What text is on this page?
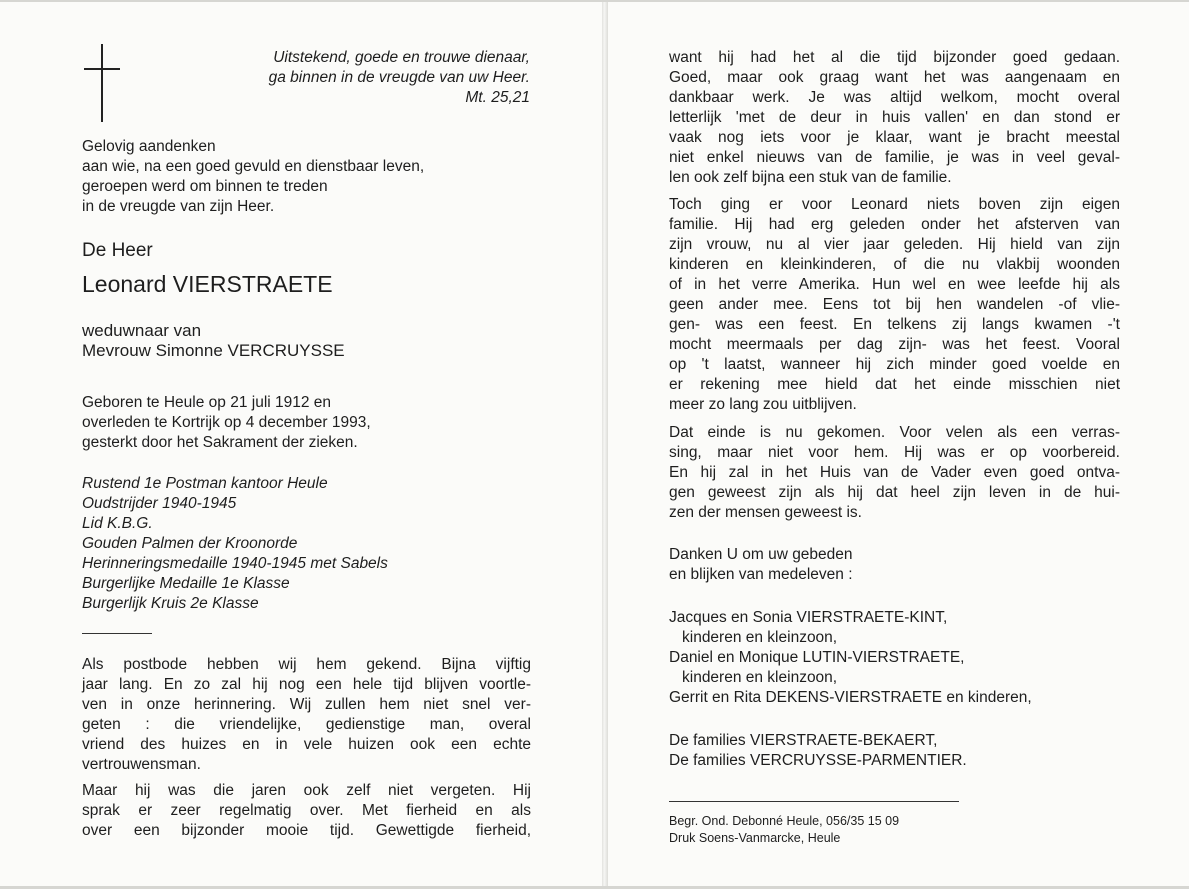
Uitstekend, goede en trouwe dienaar,
ga binnen in de vreugde van uw Heer.
Mt. 25,21
Gelovig aandenken
aan wie, na een goed gevuld en dienstbaar leven,
geroepen werd om binnen te treden
in de vreugde van zijn Heer.
De Heer
Leonard VIERSTRAETE
weduwnaar van
Mevrouw Simonne VERCRUYSSE
Geboren te Heule op 21 juli 1912 en
overleden te Kortrijk op 4 december 1993,
gesterkt door het Sakrament der zieken.
Rustend 1e Postman kantoor Heule
Oudstrijder 1940-1945
Lid K.B.G.
Gouden Palmen der Kroonorde
Herinneringsmedaille 1940-1945 met Sabels
Burgerlijke Medaille 1e Klasse
Burgerlijk Kruis 2e Klasse
Als postbode hebben wij hem gekend. Bijna vijftig
jaar lang. En zo zal hij nog een hele tijd blijven voortle-
ven in onze herinnering. Wij zullen hem niet snel ver-
geten : die vriendelijke, gedienstige man, overal
vriend des huizes en in vele huizen ook een echte
vertrouwensman.
Maar hij was die jaren ook zelf niet vergeten. Hij
sprak er zeer regelmatig over. Met fierheid en als
over een bijzonder mooie tijd. Gewettigde fierheid,
want hij had het al die tijd bijzonder goed gedaan.
Goed, maar ook graag want het was aangenaam en
dankbaar werk. Je was altijd welkom, mocht overal
letterlijk 'met de deur in huis vallen' en dan stond er
vaak nog iets voor je klaar, want je bracht meestal
niet enkel nieuws van de familie, je was in veel geval-
len ook zelf bijna een stuk van de familie.
Toch ging er voor Leonard niets boven zijn eigen
familie. Hij had erg geleden onder het afsterven van
zijn vrouw, nu al vier jaar geleden. Hij hield van zijn
kinderen en kleinkinderen, of die nu vlakbij woonden
of in het verre Amerika. Hun wel en wee leefde hij als
geen ander mee. Eens tot bij hen wandelen -of vlie-
gen- was een feest. En telkens zij langs kwamen -'t
mocht meermaals per dag zijn- was het feest. Vooral
op 't laatst, wanneer hij zich minder goed voelde en
er rekening mee hield dat het einde misschien niet
meer zo lang zou uitblijven.
Dat einde is nu gekomen. Voor velen als een verras-
sing, maar niet voor hem. Hij was er op voorbereid.
En hij zal in het Huis van de Vader even goed ontva-
gen geweest zijn als hij dat heel zijn leven in de hui-
zen der mensen geweest is.
Danken U om uw gebeden
en blijken van medeleven :
Jacques en Sonia VIERSTRAETE-KINT,
kinderen en kleinzoon,
Daniel en Monique LUTIN-VIERSTRAETE,
kinderen en kleinzoon,
Gerrit en Rita DEKENS-VIERSTRAETE en kinderen,
De families VIERSTRAETE-BEKAERT,
De families VERCRUYSSE-PARMENTIER.
Begr. Ond. Debonné Heule, 056/35 15 09
Druk Soens-Vanmarcke, Heule
